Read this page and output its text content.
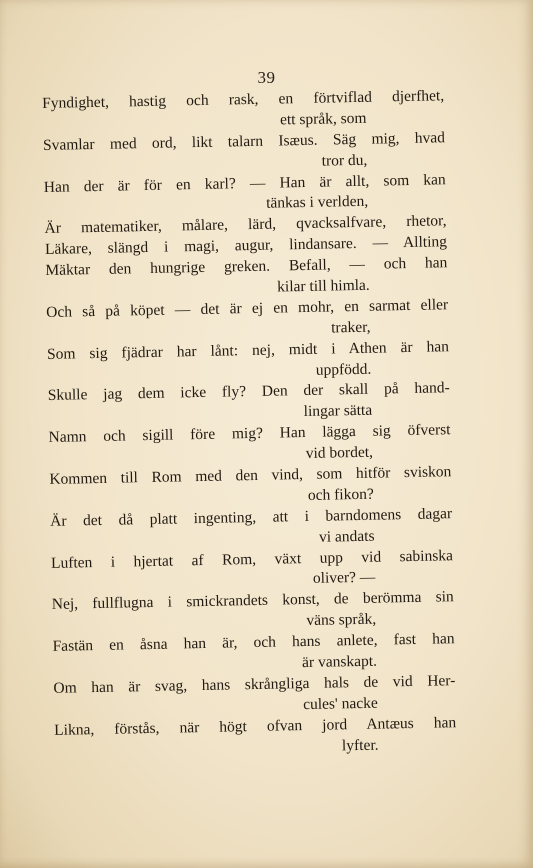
39
Fyndighet, hastig och rask, en förtviflad djerfhet,
ett språk, som
Svamlar med ord, likt talarn Isæus. Säg mig, hvad
tror du,
Han der är för en karl? — Han är allt, som kan
tänkas i verlden,
Är matematiker, målare, lärd, qvacksalfvare, rhetor,
Läkare, slängd i magi, augur, lindansare. — Allting
Mäktar den hungrige greken. Befall, — och han
kilar till himla.
Och så på köpet — det är ej en mohr, en sarmat eller
traker,
Som sig fjädrar har lånt: nej, midt i Athen är han
uppfödd.
Skulle jag dem icke fly? Den der skall på hand-
lingar sätta
Namn och sigill före mig? Han lägga sig öfverst
vid bordet,
Kommen till Rom med den vind, som hitför sviskon
och fikon?
Är det då platt ingenting, att i barndomens dagar
vi andats
Luften i hjertat af Rom, växt upp vid sabinska
oliver? —
Nej, fullflugna i smickrandets konst, de berömma sin
väns språk,
Fastän en åsna han är, och hans anlete, fast han
är vanskapt.
Om han är svag, hans skrångliga hals de vid Her-
cules' nacke
Likna, förstås, när högt ofvan jord Antæus han
lyfter.
